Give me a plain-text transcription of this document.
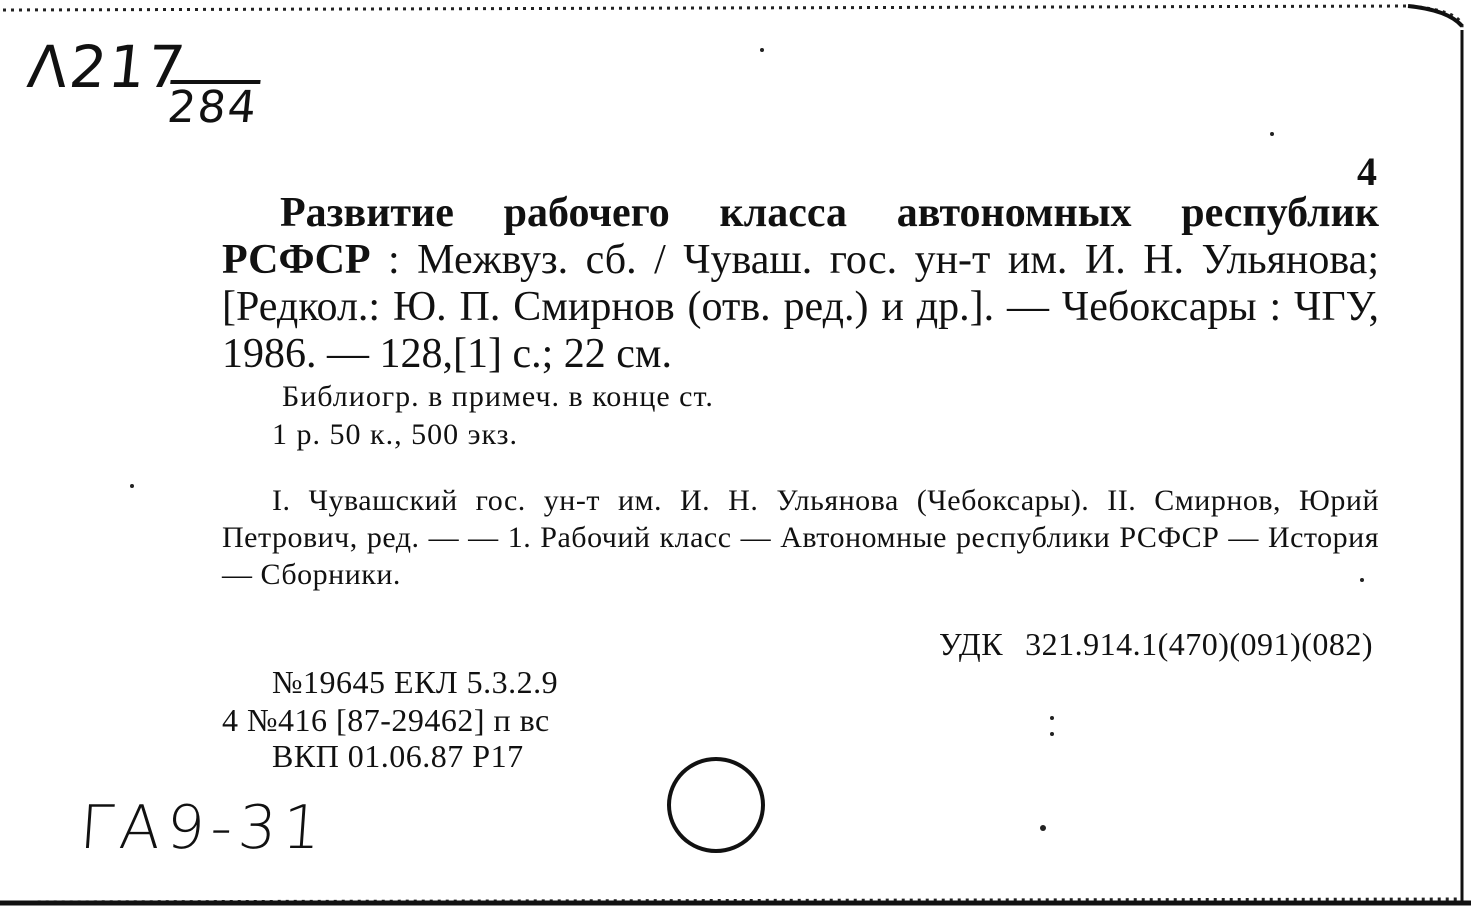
Λ217
284
4
Развитие рабочего класса автономных республик РСФСР : Межвуз. сб. / Чуваш. гос. ун-т им. И. Н. Ульянова; [Редкол.: Ю. П. Смирнов (отв. ред.) и др.]. — Чебоксары : ЧГУ, 1986. — 128,[1] с.; 22 см.
Библиогр. в примеч. в конце ст.
1 р. 50 к., 500 экз.
I. Чувашский гос. ун-т им. И. Н. Ульянова (Чебоксары). II. Смирнов, Юрий Петрович, ред. — — 1. Рабочий класс — Автономные республики РСФСР — История — Сборники.
УДК 321.914.1(470)(091)(082)
№19645 ЕКЛ 5.3.2.9
4 №416 [87-29462] п вс
ВКП 01.06.87 Р17
ГА9-31
